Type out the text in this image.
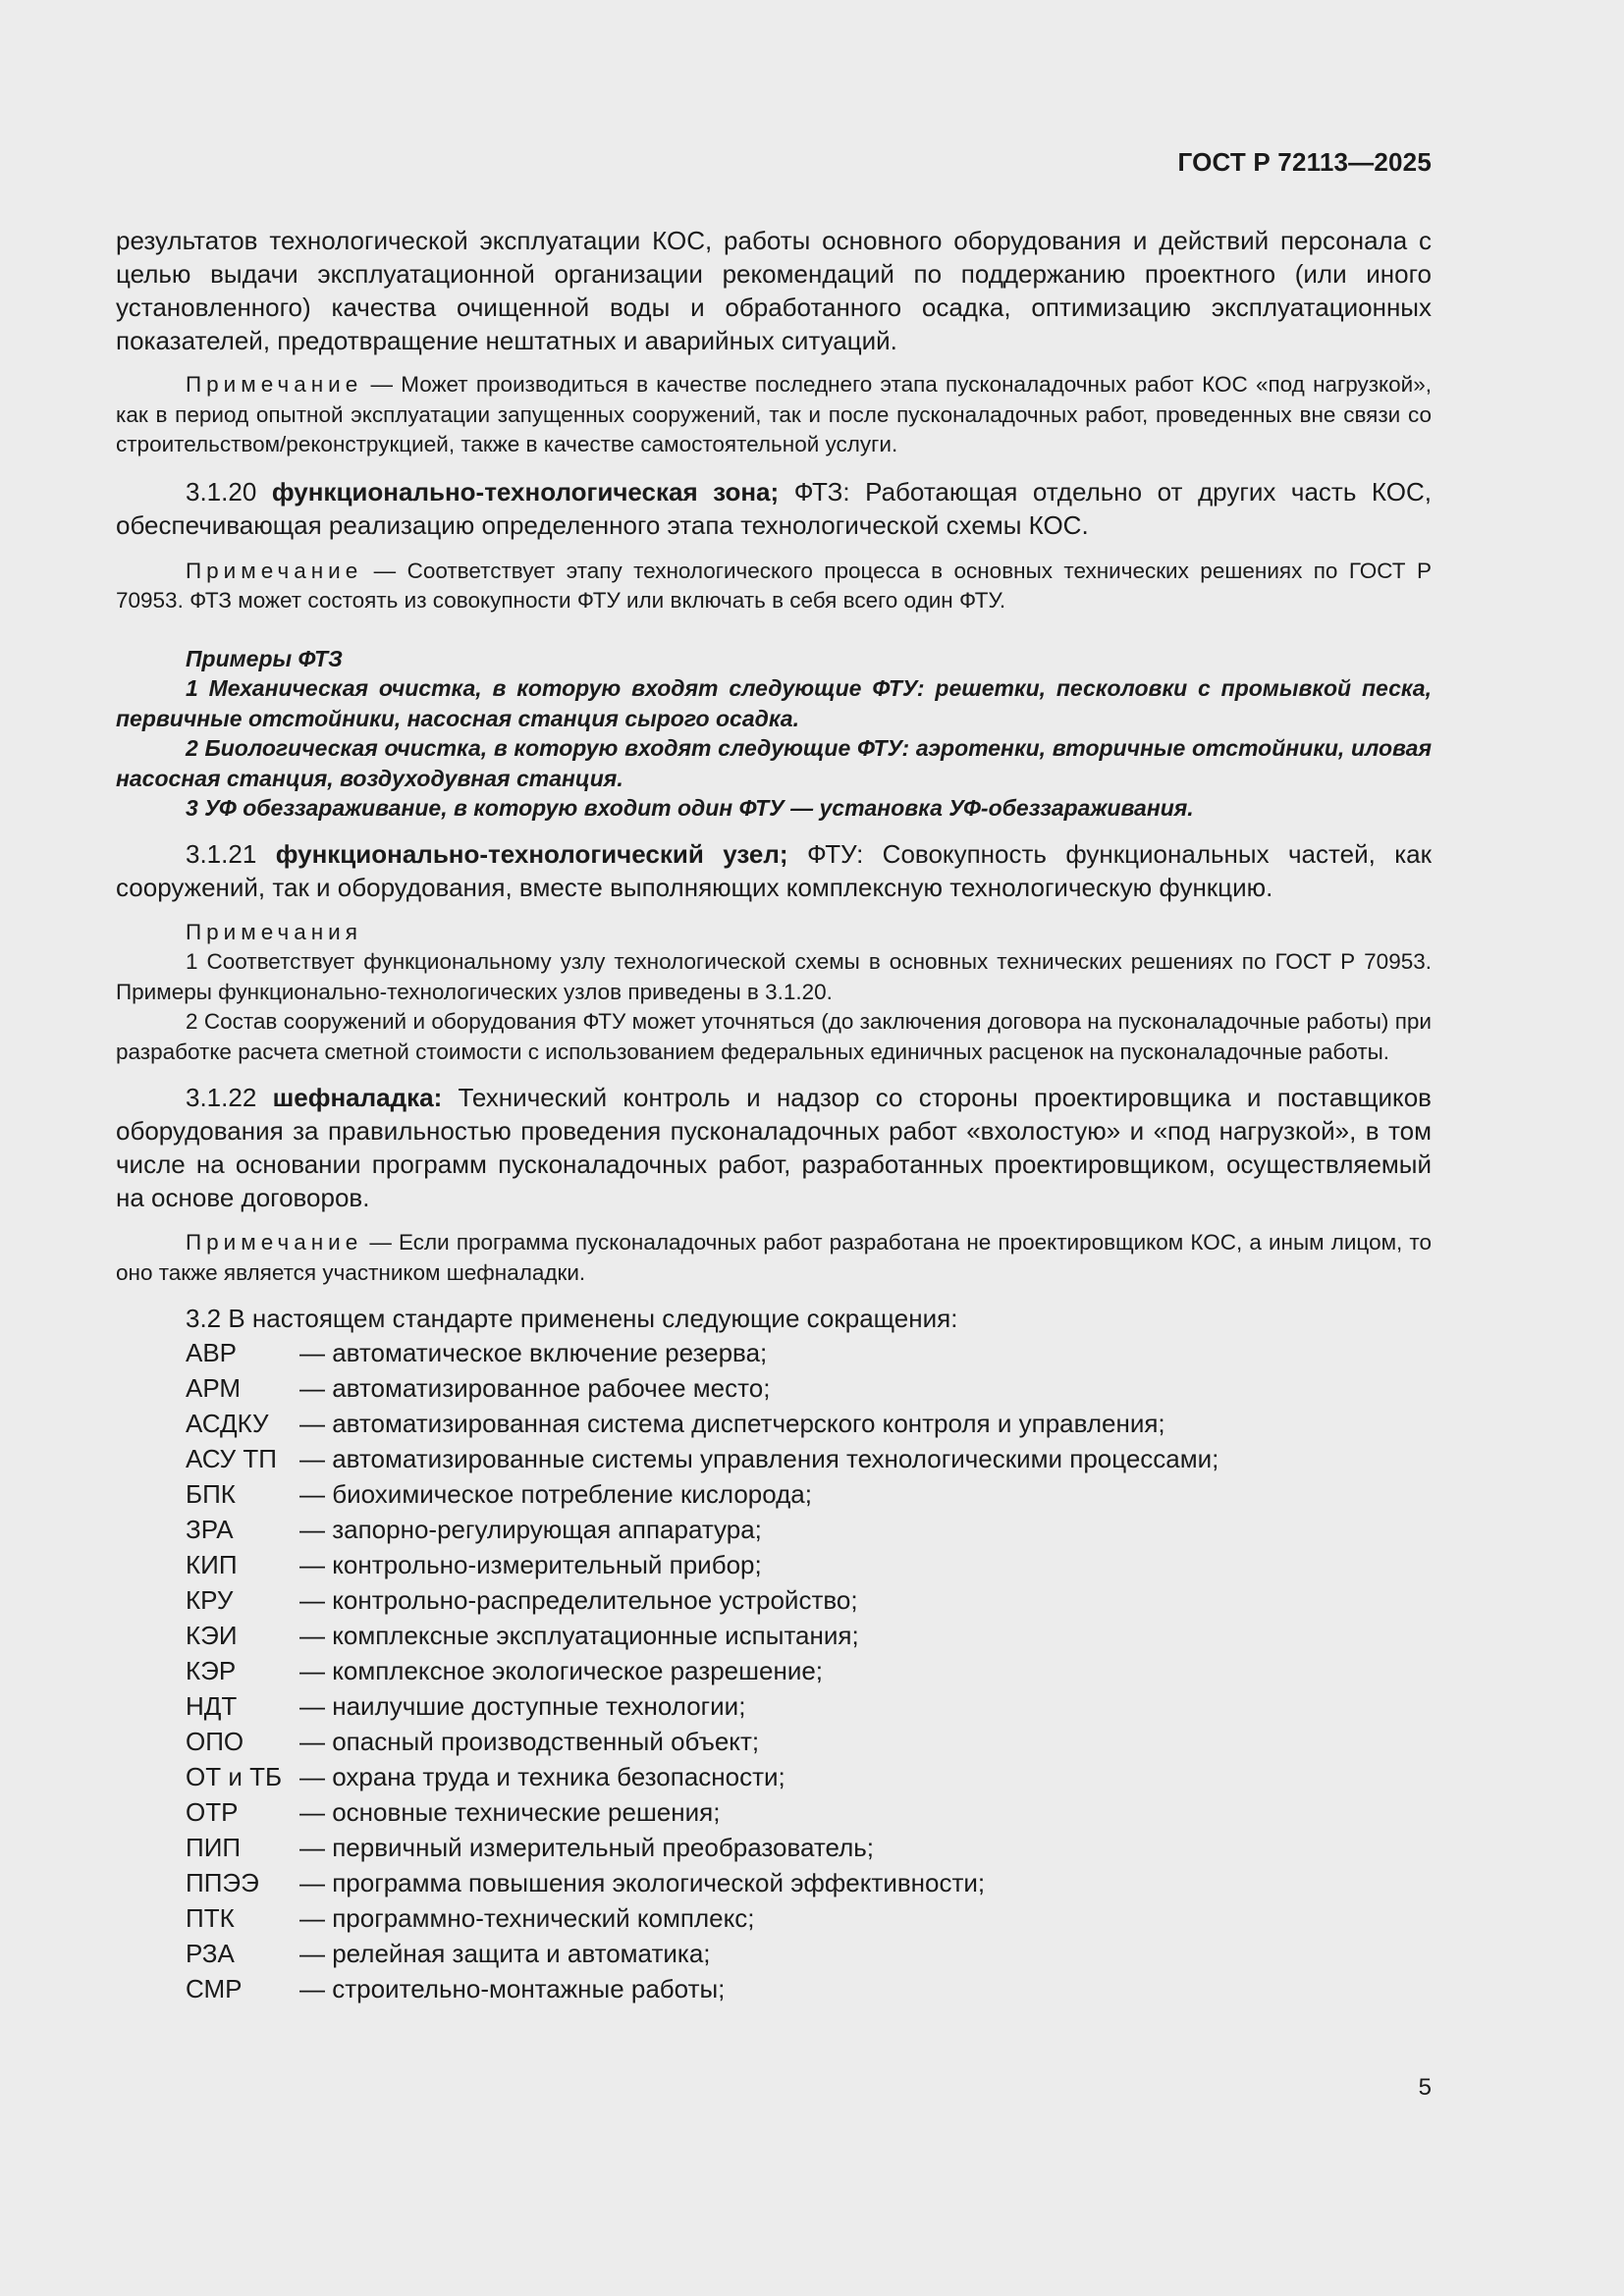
ГОСТ Р 72113—2025

результатов технологической эксплуатации КОС, работы основного оборудования и действий персонала с целью выдачи эксплуатационной организации рекомендаций по поддержанию проектного (или иного установленного) качества очищенной воды и обработанного осадка, оптимизацию эксплуатационных показателей, предотвращение нештатных и аварийных ситуаций.

Примечание — Может производиться в качестве последнего этапа пусконаладочных работ КОС «под нагрузкой», как в период опытной эксплуатации запущенных сооружений, так и после пусконаладочных работ, проведенных вне связи со строительством/реконструкцией, также в качестве самостоятельной услуги.

3.1.20 функционально-технологическая зона; ФТЗ: Работающая отдельно от других часть КОС, обеспечивающая реализацию определенного этапа технологической схемы КОС.

Примечание — Соответствует этапу технологического процесса в основных технических решениях по ГОСТ Р 70953. ФТЗ может состоять из совокупности ФТУ или включать в себя всего один ФТУ.

Примеры ФТЗ

1 Механическая очистка, в которую входят следующие ФТУ: решетки, песколовки с промывкой песка, первичные отстойники, насосная станция сырого осадка.

2 Биологическая очистка, в которую входят следующие ФТУ: аэротенки, вторичные отстойники, иловая насосная станция, воздуходувная станция.

3 УФ обеззараживание, в которую входит один ФТУ — установка УФ-обеззараживания.

3.1.21 функционально-технологический узел; ФТУ: Совокупность функциональных частей, как сооружений, так и оборудования, вместе выполняющих комплексную технологическую функцию.

Примечания

1 Соответствует функциональному узлу технологической схемы в основных технических решениях по ГОСТ Р 70953. Примеры функционально-технологических узлов приведены в 3.1.20.

2 Состав сооружений и оборудования ФТУ может уточняться (до заключения договора на пусконаладочные работы) при разработке расчета сметной стоимости с использованием федеральных единичных расценок на пусконаладочные работы.

3.1.22 шефналадка: Технический контроль и надзор со стороны проектировщика и поставщиков оборудования за правильностью проведения пусконаладочных работ «вхолостую» и «под нагрузкой», в том числе на основании программ пусконаладочных работ, разработанных проектировщиком, осуществляемый на основе договоров.

Примечание — Если программа пусконаладочных работ разработана не проектировщиком КОС, а иным лицом, то оно также является участником шефналадки.

3.2 В настоящем стандарте применены следующие сокращения:

АВР	— автоматическое включение резерва;
АРМ	— автоматизированное рабочее место;
АСДКУ	— автоматизированная система диспетчерского контроля и управления;
АСУ ТП — автоматизированные системы управления технологическими процессами;
БПК	— биохимическое потребление кислорода;
ЗРА	— запорно-регулирующая аппаратура;
КИП	— контрольно-измерительный прибор;
КРУ	— контрольно-распределительное устройство;
КЭИ	— комплексные эксплуатационные испытания;
КЭР	— комплексное экологическое разрешение;
НДТ	— наилучшие доступные технологии;
ОПО	— опасный производственный объект;
ОТ и ТБ — охрана труда и техника безопасности;
ОТР	— основные технические решения;
ПИП	— первичный измерительный преобразователь;
ППЭЭ	— программа повышения экологической эффективности;
ПТК	— программно-технический комплекс;
РЗА	— релейная защита и автоматика;
СМР	— строительно-монтажные работы;
5
